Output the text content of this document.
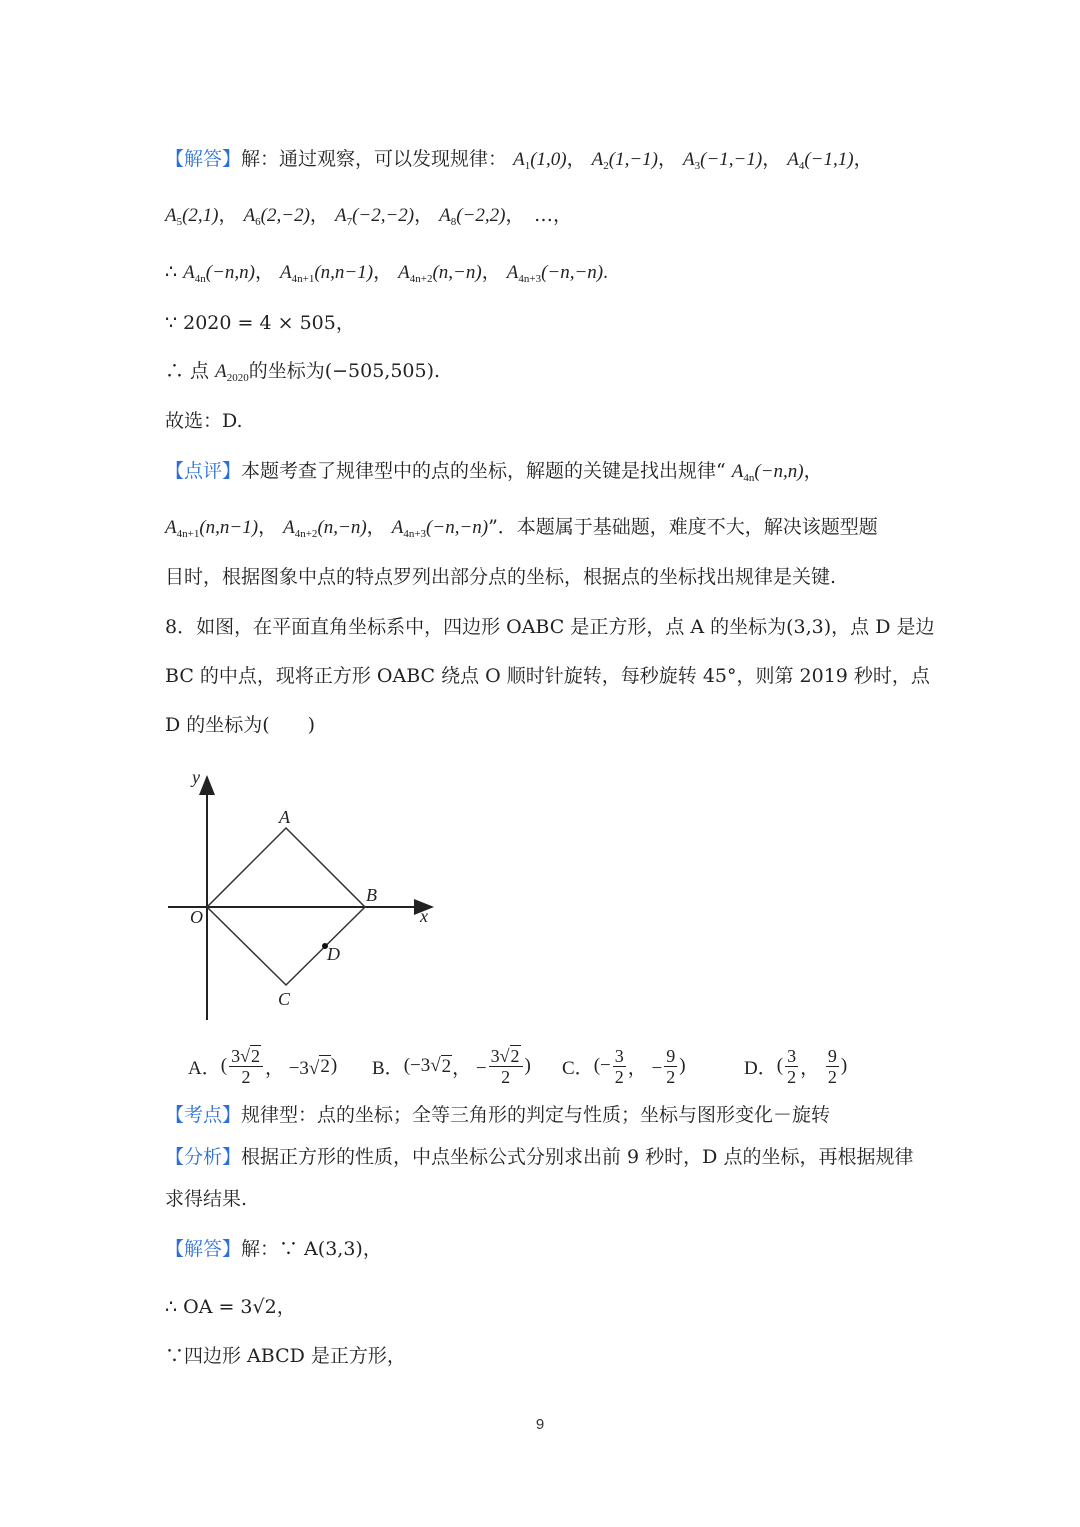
【解答】解：通过观察，可以发现规律： $A_1(1,0)$， $A_2(1,-1)$， $A_3(-1,-1)$， $A_4(-1,1)$，
$A_5(2,1)$， $A_6(2,-2)$， $A_7(-2,-2)$， $A_8(-2,2)$，　…，
∴ $A_{4n}(-n,n)$， $A_{4n+1}(n,n-1)$， $A_{4n+2}(n,-n)$， $A_{4n+3}(-n,-n)$.
∵ 2020 = 4 × 505，
∴ 点 $A_{2020}$的坐标为(−505,505).
故选：D.
【点评】本题考查了规律型中的点的坐标，解题的关键是找出规律“ $A_{4n}(-n,n)$，
$A_{4n+1}(n,n-1)$， $A_{4n+2}(n,-n)$， $A_{4n+3}(-n,-n)$”．本题属于基础题，难度不大，解决该题型题
目时，根据图象中点的特点罗列出部分点的坐标，根据点的坐标找出规律是关键.
8．如图，在平面直角坐标系中，四边形 OABC 是正方形，点 A 的坐标为(3,3)，点 D 是边
BC 的中点，现将正方形 OABC 绕点 O 顺时针旋转，每秒旋转 45°，则第 2019 秒时，点
D 的坐标为(　　)
y
x
O
A
B
C
D
A． ( $\frac{3√2}{2}$ ， −3√ 2 ) B． (−3√ 2 ， − $\frac{3√2}{2}$ ) C． (− $\frac{3}{2}$ ， − $\frac{9}{2}$ )	D． ( $\frac{3}{2}$ ， $\frac{9}{2}$ )
【考点】规律型：点的坐标；全等三角形的判定与性质；坐标与图形变化－旋转
【分析】根据正方形的性质，中点坐标公式分别求出前 9 秒时，D 点的坐标，再根据规律
求得结果.
【解答】解：∵ A(3,3)，
∴ OA = 3√2，
∵四边形 ABCD 是正方形，
9
